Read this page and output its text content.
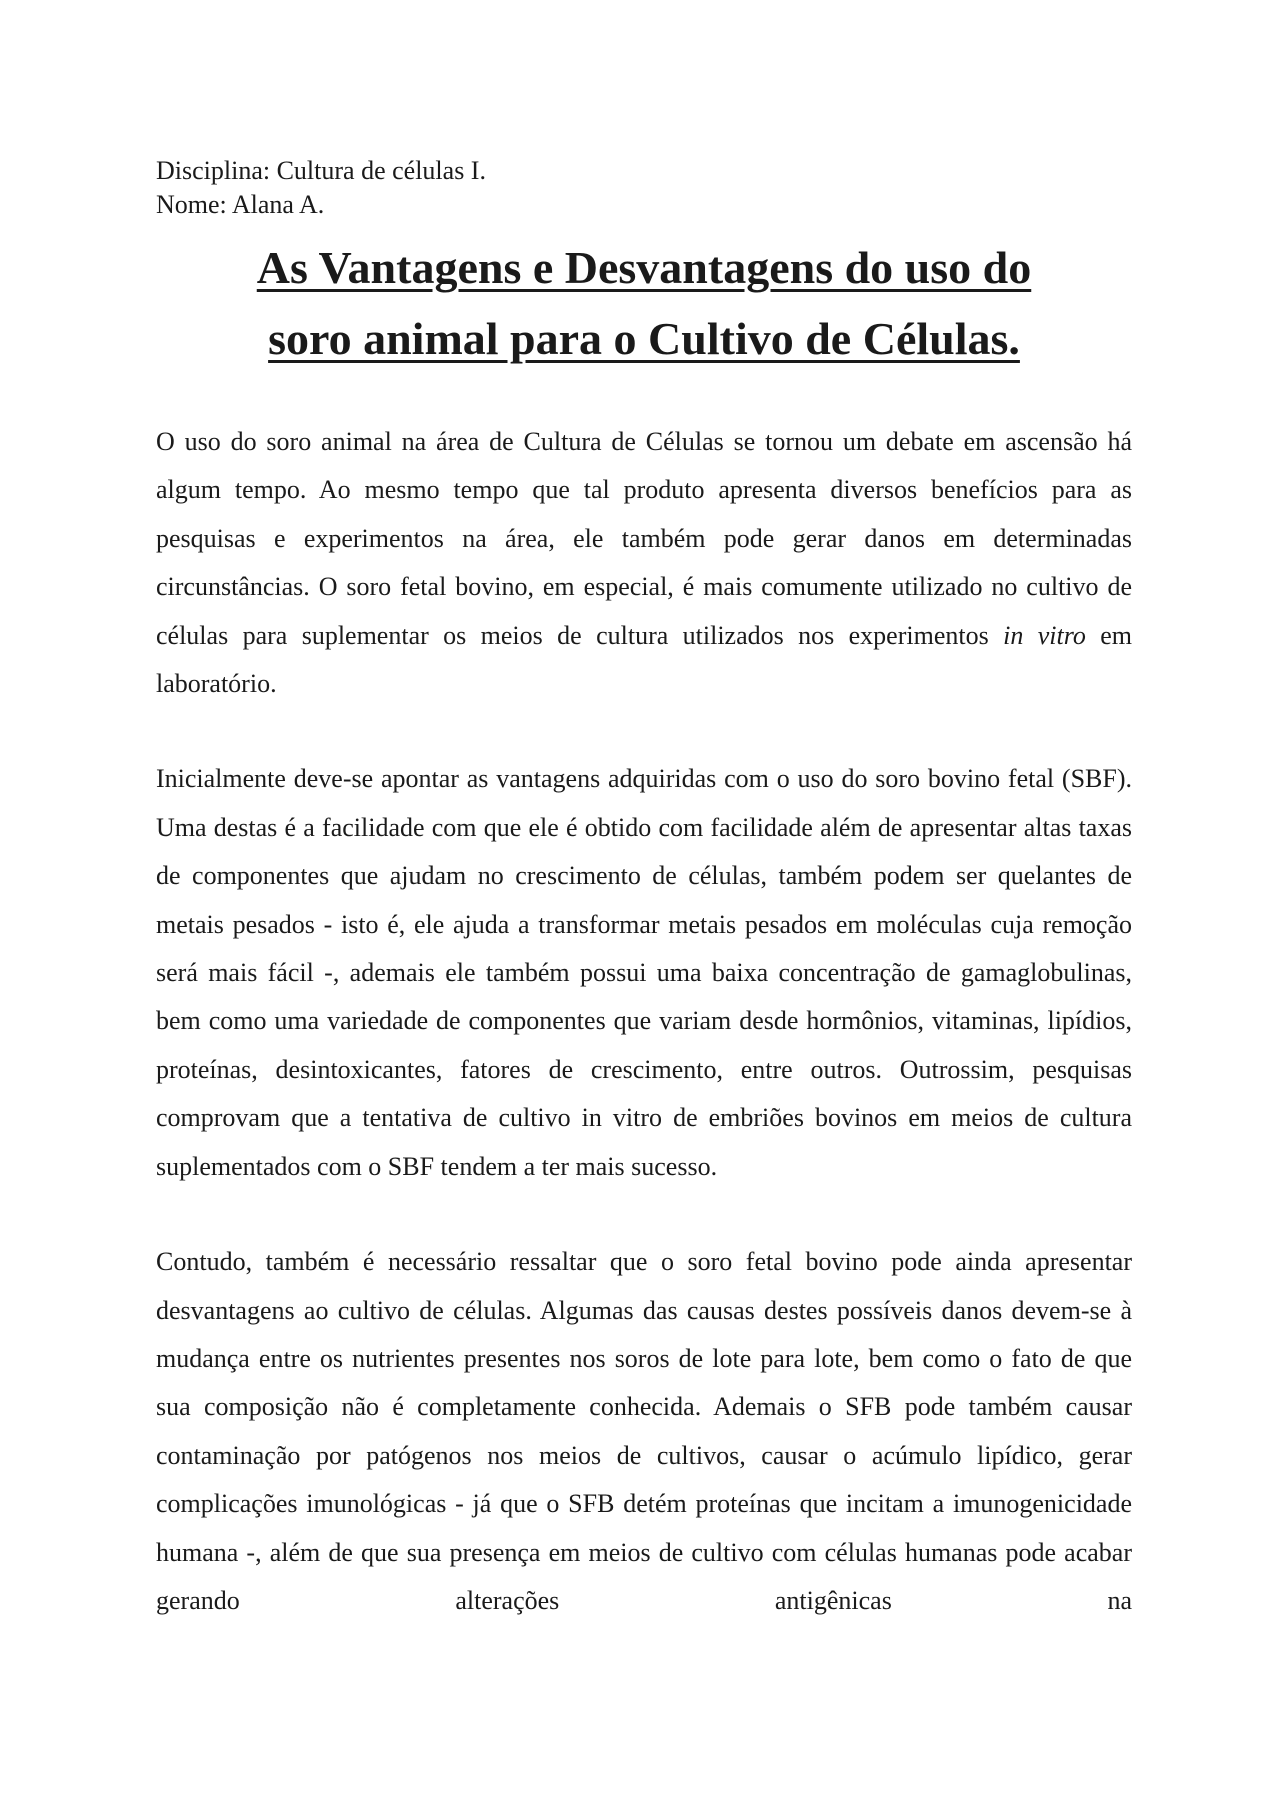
Disciplina: Cultura de células I.

Nome: Alana A.

As Vantagens e Desvantagens do uso do
soro animal para o Cultivo de Células.

O uso do soro animal na área de Cultura de Células se tornou um debate em ascensão há algum tempo. Ao mesmo tempo que tal produto apresenta diversos benefícios para as pesquisas e experimentos na área, ele também pode gerar danos em determinadas circunstâncias. O soro fetal bovino, em especial, é mais comumente utilizado no cultivo de células para suplementar os meios de cultura utilizados nos experimentos in vitro em laboratório.

Inicialmente deve-se apontar as vantagens adquiridas com o uso do soro bovino fetal (SBF). Uma destas é a facilidade com que ele é obtido com facilidade além de apresentar altas taxas de componentes que ajudam no crescimento de células, também podem ser quelantes de metais pesados - isto é, ele ajuda a transformar metais pesados em moléculas cuja remoção será mais fácil -, ademais ele também possui uma baixa concentração de gamaglobulinas, bem como uma variedade de componentes que variam desde hormônios, vitaminas, lipídios, proteínas, desintoxicantes, fatores de crescimento, entre outros. Outrossim, pesquisas comprovam que a tentativa de cultivo in vitro de embriões bovinos em meios de cultura suplementados com o SBF tendem a ter mais sucesso.

Contudo, também é necessário ressaltar que o soro fetal bovino pode ainda apresentar desvantagens ao cultivo de células. Algumas das causas destes possíveis danos devem-se à mudança entre os nutrientes presentes nos soros de lote para lote, bem como o fato de que sua composição não é completamente conhecida. Ademais o SFB pode também causar contaminação por patógenos nos meios de cultivos, causar o acúmulo lipídico, gerar complicações imunológicas - já que o SFB detém proteínas que incitam a imunogenicidade humana -, além de que sua presença em meios de cultivo com células humanas pode acabar gerando alterações antigênicas na
